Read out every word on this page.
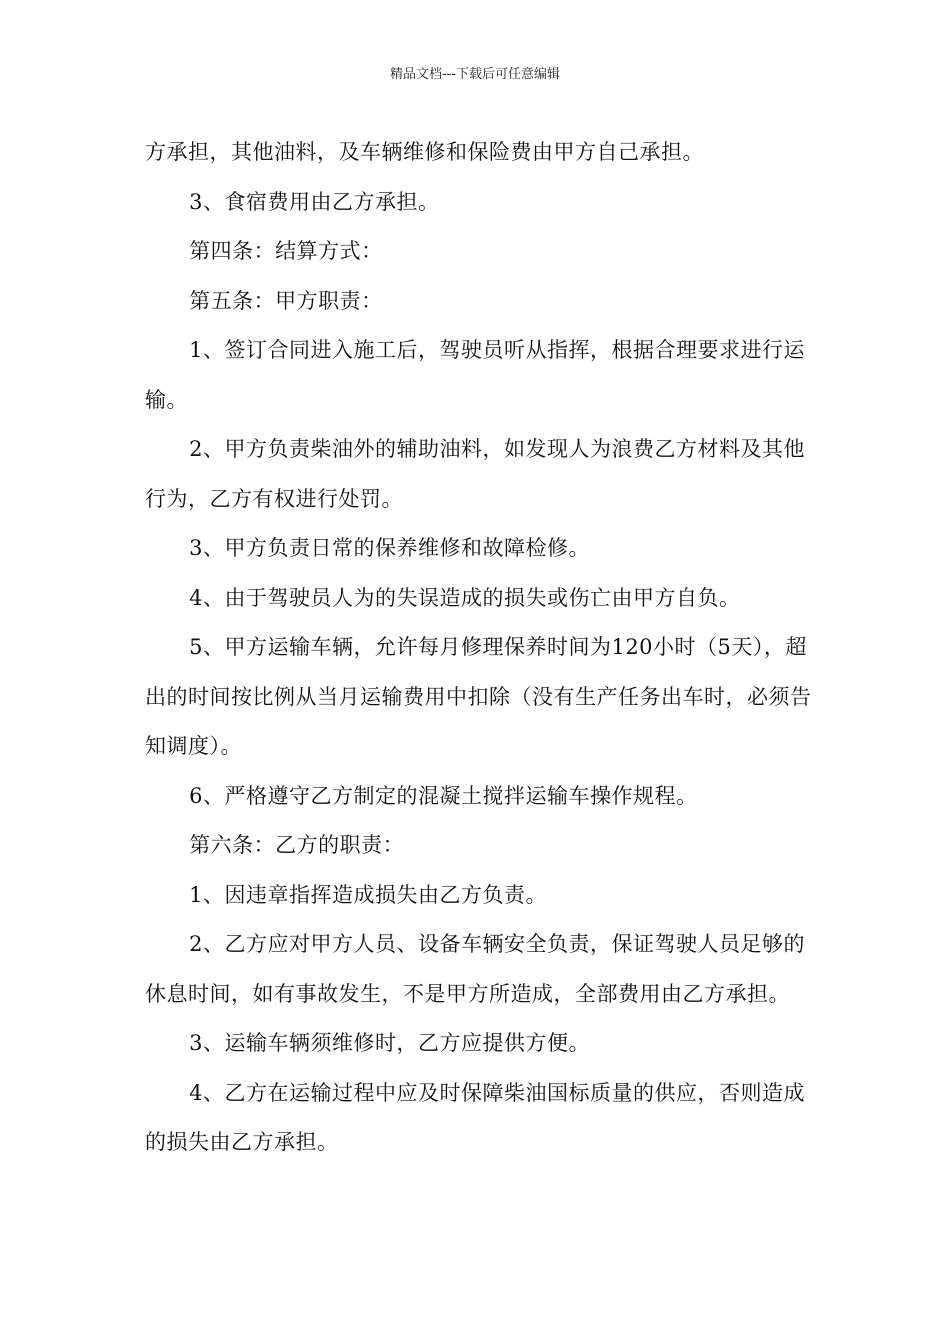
精品文档---下载后可任意编辑

方承担，其他油料，及车辆维修和保险费由甲方自己承担。

3、食宿费用由乙方承担。

第四条：结算方式：

第五条：甲方职责：

1、签订合同进入施工后，驾驶员听从指挥，根据合理要求进行运输。

2、甲方负责柴油外的辅助油料，如发现人为浪费乙方材料及其他行为，乙方有权进行处罚。

3、甲方负责日常的保养维修和故障检修。

4、由于驾驶员人为的失误造成的损失或伤亡由甲方自负。

5、甲方运输车辆，允许每月修理保养时间为120小时（5天），超出的时间按比例从当月运输费用中扣除（没有生产任务出车时，必须告知调度）。

6、严格遵守乙方制定的混凝土搅拌运输车操作规程。

第六条：乙方的职责：

1、因违章指挥造成损失由乙方负责。

2、乙方应对甲方人员、设备车辆安全负责，保证驾驶人员足够的休息时间，如有事故发生，不是甲方所造成，全部费用由乙方承担。

3、运输车辆须维修时，乙方应提供方便。

4、乙方在运输过程中应及时保障柴油国标质量的供应，否则造成的损失由乙方承担。
